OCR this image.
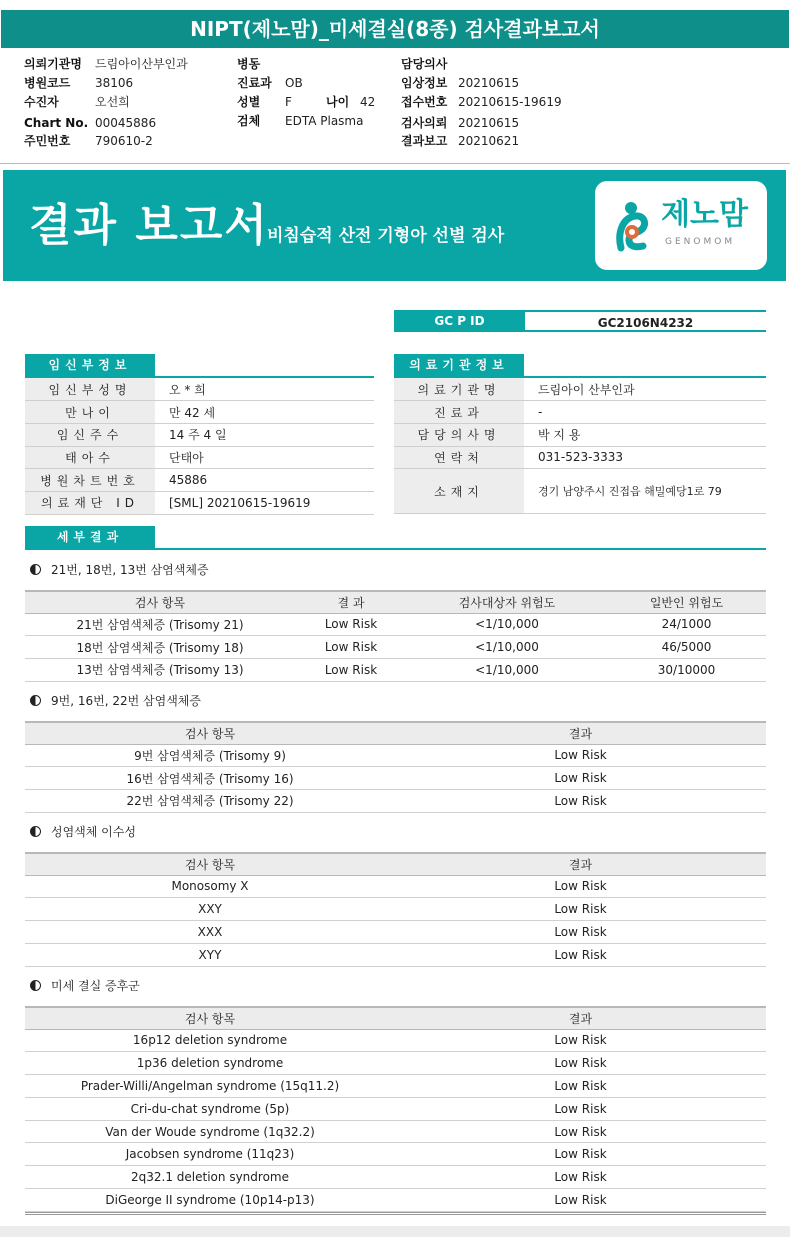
NIPT(제노맘)_미세결실(8종) 검사결과보고서
의뢰기관명 드림아이산부인과
병원코드 38106
수진자	오선희
Chart No. 00045886
주민번호 790610-2
병동
진료과 OB
성별 F	나이 42
검체 EDTA Plasma
담당의사
임상정보 20210615
접수번호 20210615-19619
검사의뢰 20210615
결과보고 20210621
결과 보고서
비침습적 산전 기형아 선별 검사
제노맘
GENOMOM
GC P ID	GC2106N4232
임신부정보
임신부성명	오 * 희
만나이	만 42 세
임신주수	14 주 4 일
태아수	단태아
병원차트번호	45886
의료재단 ID	[SML] 20210615-19619
의료기관정보
의료기관명	드림아이 산부인과
진료과	-
담당의사명	박 지 용
연락처	031-523-3333
소재지	경기 남양주시 진접읍 해밀예당1로 79
세부결과
21번, 18번, 13번 삼염색체증
검사 항목	결 과	검사대상자 위험도	일반인 위험도
21번 삼염색체증 (Trisomy 21)	Low Risk	<1/10,000	24/1000
18번 삼염색체증 (Trisomy 18)	Low Risk	<1/10,000	46/5000
13번 삼염색체증 (Trisomy 13)	Low Risk	<1/10,000	30/10000
9번, 16번, 22번 삼염색체증
검사 항목	결과
9번 삼염색체증 (Trisomy 9)	Low Risk
16번 삼염색체증 (Trisomy 16)	Low Risk
22번 삼염색체증 (Trisomy 22)	Low Risk
성염색체 이수성
검사 항목	결과
Monosomy X	Low Risk
XXY	Low Risk
XXX	Low Risk
XYY	Low Risk
미세 결실 증후군
검사 항목	결과
16p12 deletion syndrome	Low Risk
1p36 deletion syndrome	Low Risk
Prader-Willi/Angelman syndrome (15q11.2)	Low Risk
Cri-du-chat syndrome (5p)	Low Risk
Van der Woude syndrome (1q32.2)	Low Risk
Jacobsen syndrome (11q23)	Low Risk
2q32.1 deletion syndrome	Low Risk
DiGeorge II syndrome (10p14-p13)	Low Risk
